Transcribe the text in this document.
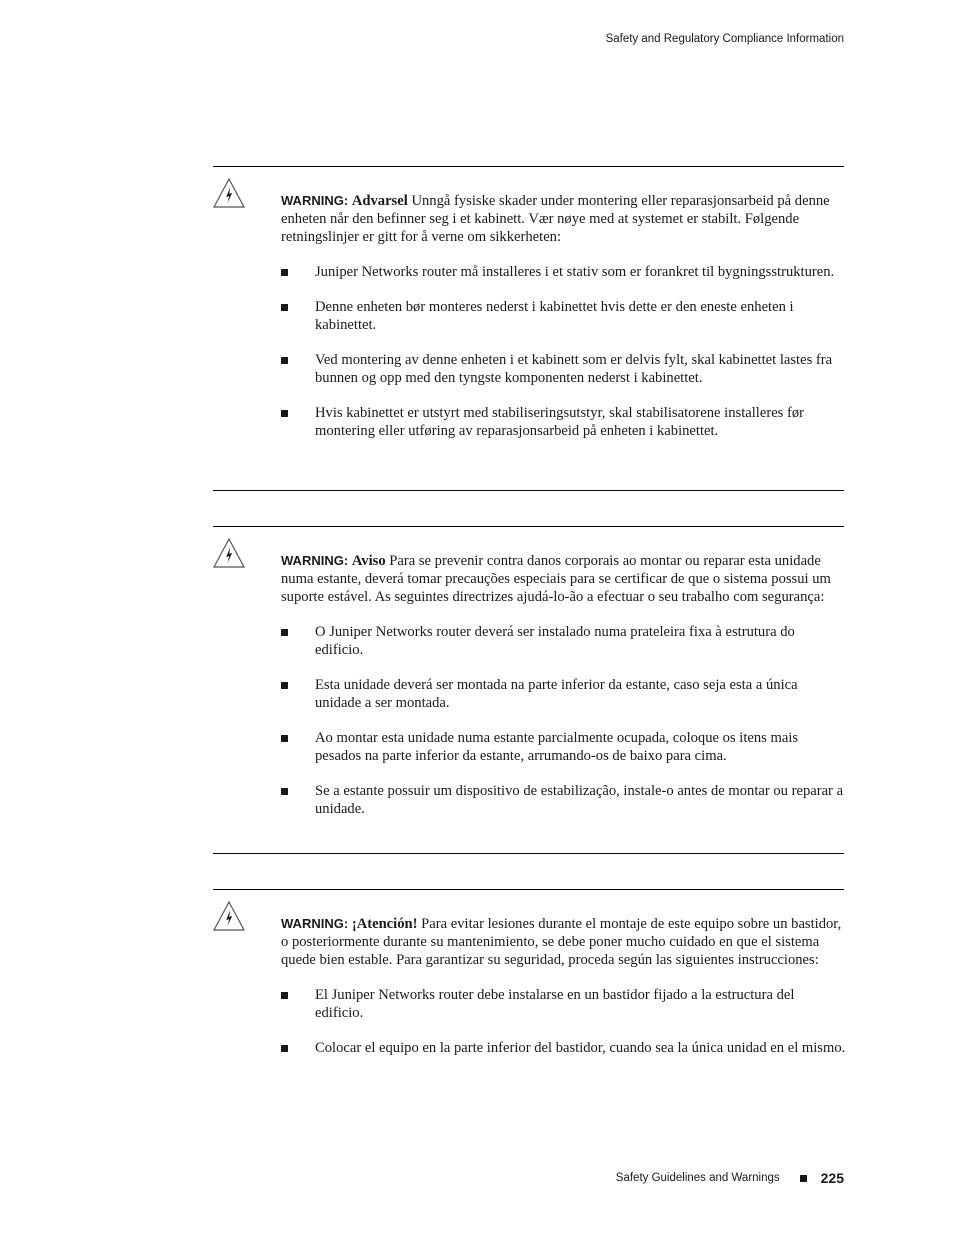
Safety and Regulatory Compliance Information

WARNING: Advarsel Unngå fysiske skader under montering eller reparasjonsarbeid på denne enheten når den befinner seg i et kabinett. Vær nøye med at systemet er stabilt. Følgende retningslinjer er gitt for å verne om sikkerheten:

Juniper Networks router må installeres i et stativ som er forankret til bygningsstrukturen.
Denne enheten bør monteres nederst i kabinettet hvis dette er den eneste enheten i kabinettet.
Ved montering av denne enheten i et kabinett som er delvis fylt, skal kabinettet lastes fra bunnen og opp med den tyngste komponenten nederst i kabinettet.
Hvis kabinettet er utstyrt med stabiliseringsutstyr, skal stabilisatorene installeres før montering eller utføring av reparasjonsarbeid på enheten i kabinettet.

WARNING: Aviso Para se prevenir contra danos corporais ao montar ou reparar esta unidade numa estante, deverá tomar precauções especiais para se certificar de que o sistema possui um suporte estável. As seguintes directrizes ajudá-lo-ão a efectuar o seu trabalho com segurança:

O Juniper Networks router deverá ser instalado numa prateleira fixa à estrutura do edificio.
Esta unidade deverá ser montada na parte inferior da estante, caso seja esta a única unidade a ser montada.
Ao montar esta unidade numa estante parcialmente ocupada, coloque os itens mais pesados na parte inferior da estante, arrumando-os de baixo para cima.
Se a estante possuir um dispositivo de estabilização, instale-o antes de montar ou reparar a unidade.

WARNING: ¡Atención! Para evitar lesiones durante el montaje de este equipo sobre un bastidor, o posteriormente durante su mantenimiento, se debe poner mucho cuidado en que el sistema quede bien estable. Para garantizar su seguridad, proceda según las siguientes instrucciones:

El Juniper Networks router debe instalarse en un bastidor fijado a la estructura del edificio.
Colocar el equipo en la parte inferior del bastidor, cuando sea la única unidad en el mismo.
Safety Guidelines and Warnings	225
